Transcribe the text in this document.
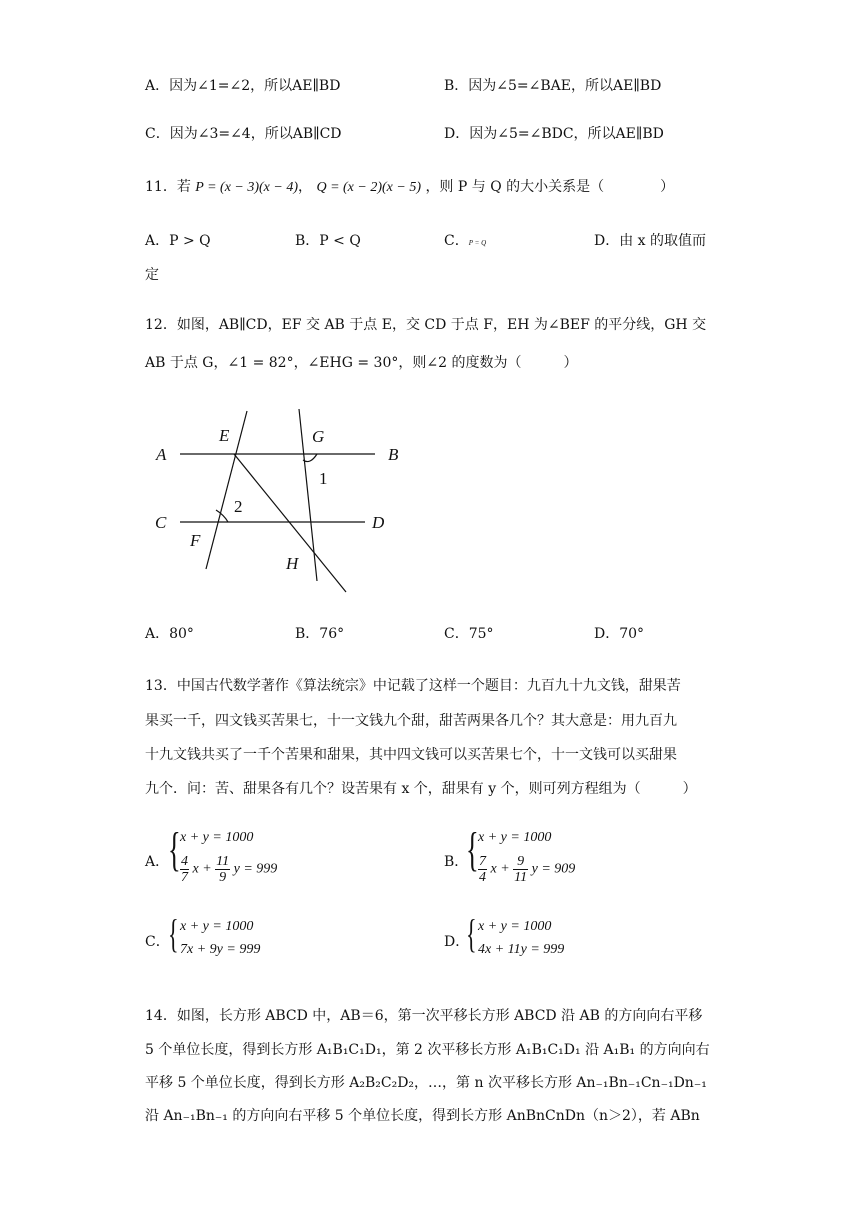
A．因为∠1=∠2，所以AE∥BD	B．因为∠5=∠BAE，所以AE∥BD
C．因为∠3=∠4，所以AB∥CD	D．因为∠5=∠BDC，所以AE∥BD
11．若 P = (x − 3)(x − 4)， Q = (x − 2)(x − 5) ，则 P 与 Q 的大小关系是（　　　　）
A．P > Q	B．P < Q	C．P = Q	D．由 x 的取值而
定
12．如图，AB∥CD，EF 交 AB 于点 E，交 CD 于点 F，EH 为∠BEF 的平分线，GH 交
AB 于点 G，∠1 = 82°，∠EHG = 30°，则∠2 的度数为（　　　）
A	B
C	D
E	G
F
H
1
2
A．80°	B．76°	C．75°	D．70°
13．中国古代数学著作《算法统宗》中记载了这样一个题目：九百九十九文钱，甜果苦
果买一千，四文钱买苦果七，十一文钱九个甜，甜苦两果各几个？其大意是：用九百九
十九文钱共买了一千个苦果和甜果，其中四文钱可以买苦果七个，十一文钱可以买甜果
九个．问：苦、甜果各有几个？设苦果有 x 个，甜果有 y 个，则可列方程组为（　　　）
A．
{ x + y = 1000
$\frac{4}{7}$ $x + \frac{11}{9}$ y = 999	B．
{ x + y = 1000
$\frac{7}{4}$ $x + \frac{9}{11}$ y = 909
C．
{ x + y = 1000
7x + 9y = 999	D．
{ x + y = 1000
4x + 11y = 999
14．如图，长方形 ABCD 中，AB＝6，第一次平移长方形 ABCD 沿 AB 的方向向右平移
5 个单位长度，得到长方形 A₁B₁C₁D₁，第 2 次平移长方形 A₁B₁C₁D₁ 沿 A₁B₁ 的方向向右
平移 5 个单位长度，得到长方形 A₂B₂C₂D₂，…，第 n 次平移长方形 An₋₁Bn₋₁Cn₋₁Dn₋₁
沿 An₋₁Bn₋₁ 的方向向右平移 5 个单位长度，得到长方形 AnBnCnDn（n＞2），若 ABn
